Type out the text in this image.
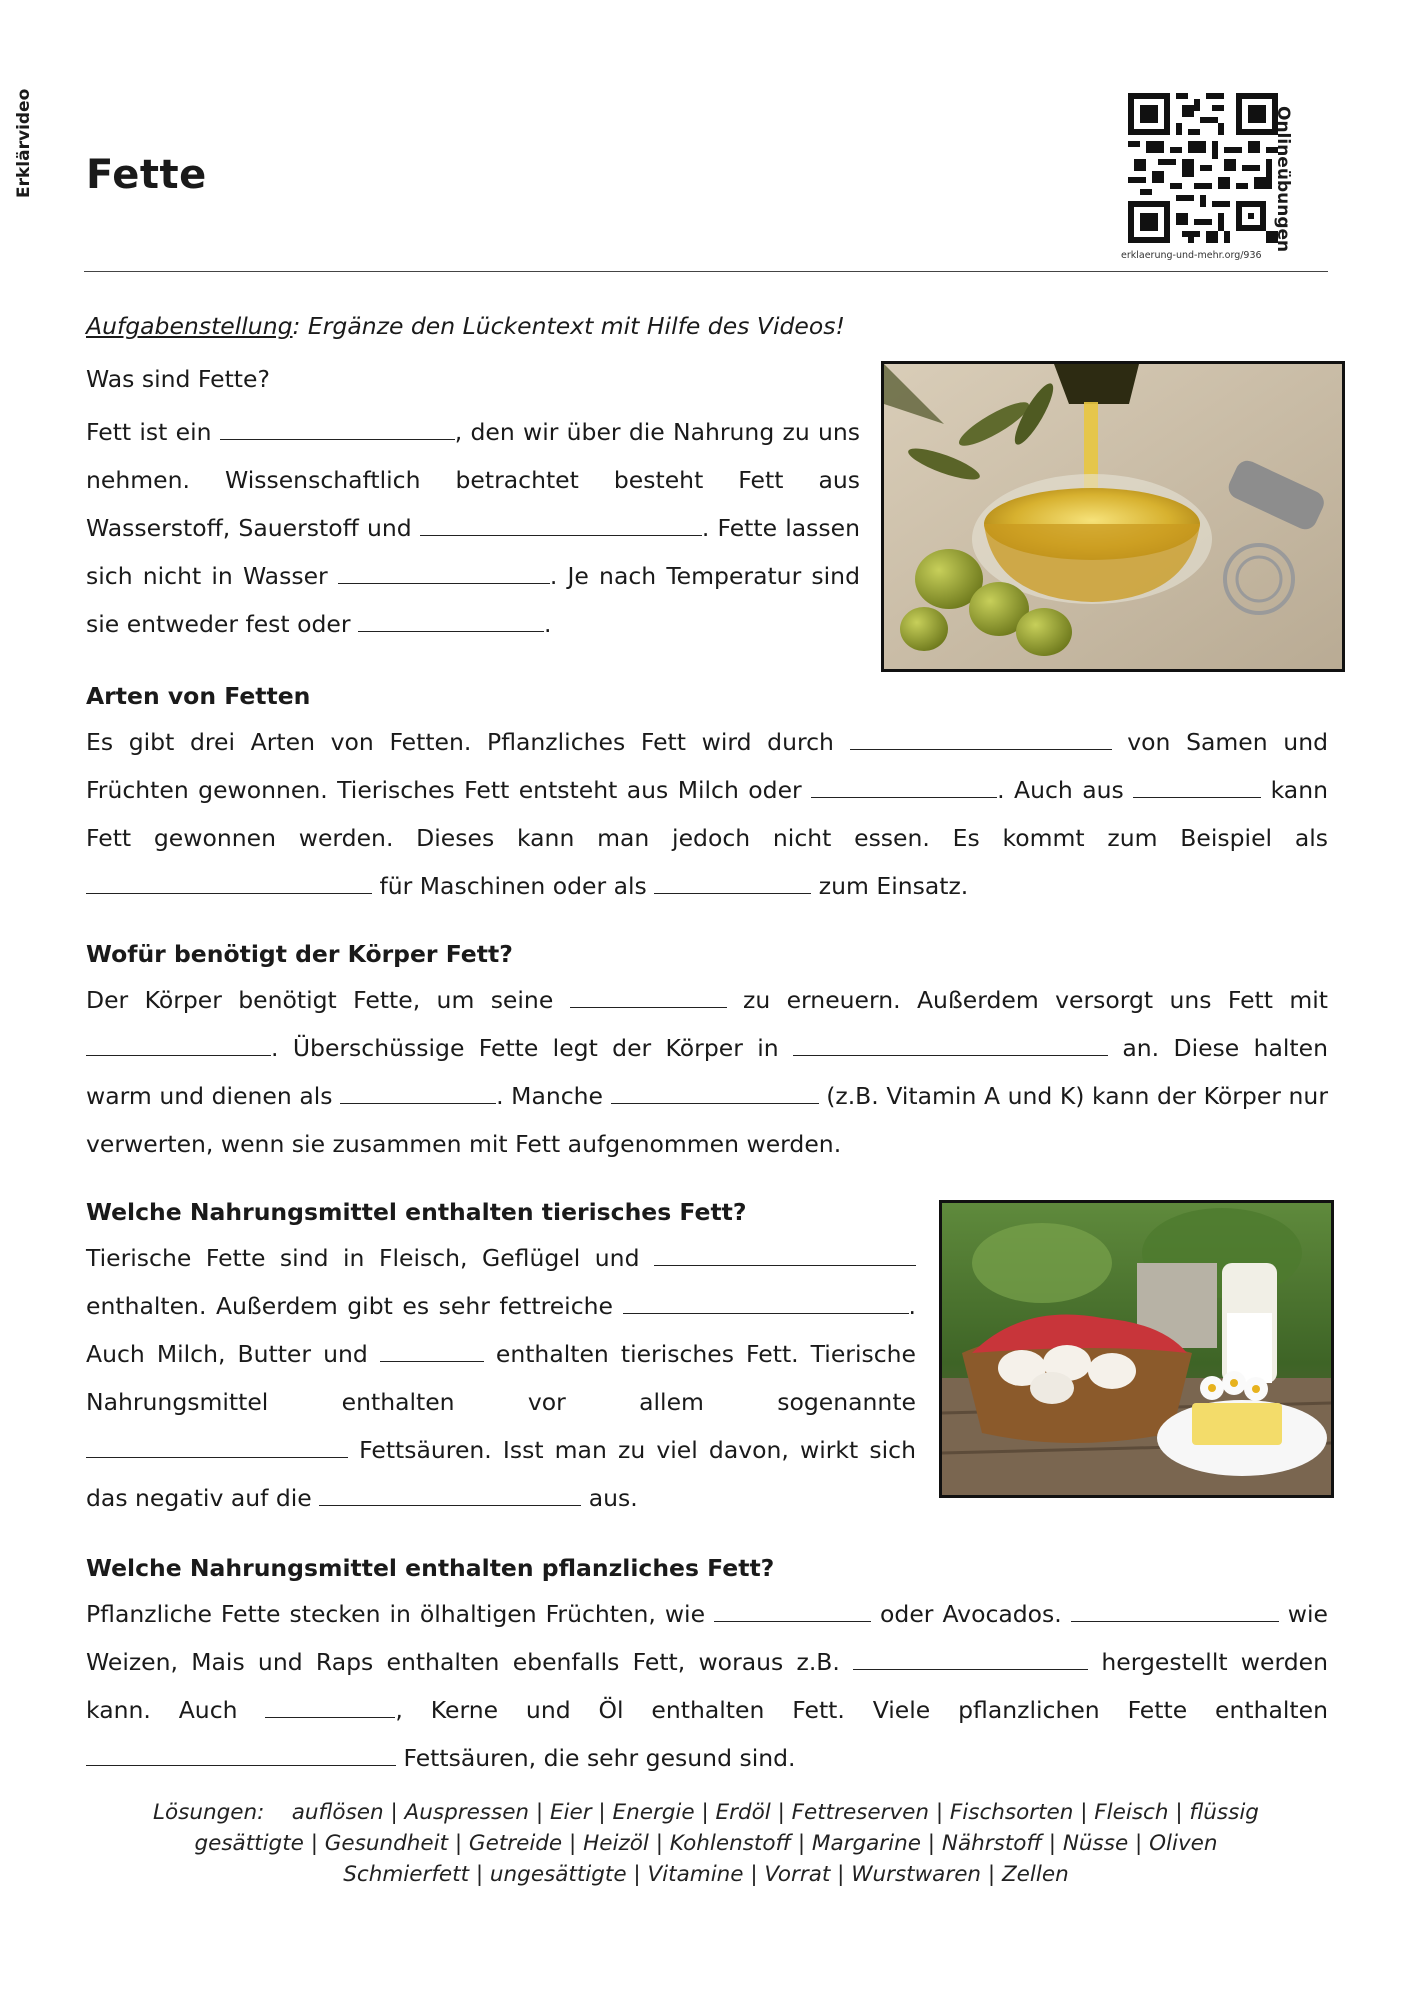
Fette
erklaerung-und-mehr.org/936
Erklärvideo	Onlineübungen
Aufgabenstellung: Ergänze den Lückentext mit Hilfe des Videos!
Was sind Fette?

Fett ist ein	, den wir über die Nahrung zu uns nehmen. Wissenschaftlich betrachtet besteht Fett aus Wasserstoff, Sauerstoff und	. Fette lassen sich nicht in Wasser	. Je nach Temperatur sind sie entweder fest oder	.

Arten von Fetten

Es gibt drei Arten von Fetten. Pflanzliches Fett wird durch	von Samen und Früchten gewonnen. Tierisches Fett entsteht aus Milch oder	. Auch aus	kann Fett gewonnen werden. Dieses kann man jedoch nicht essen. Es kommt zum Beispiel als  für Maschinen oder als	zum Einsatz.

Wofür benötigt der Körper Fett?

Der Körper benötigt Fette, um seine	zu erneuern. Außerdem versorgt uns Fett mit . Überschüssige Fette legt der Körper in	an. Diese halten warm und dienen als	. Manche	(z.B. Vitamin A und K) kann der Körper nur verwerten, wenn sie zusammen mit Fett aufgenommen werden.

Welche Nahrungsmittel enthalten tierisches Fett?

Tierische Fette sind in Fleisch, Geflügel und  enthalten. Außerdem gibt es sehr fettreiche	. Auch Milch, Butter und	enthalten tierisches Fett. Tierische Nahrungsmittel enthalten vor allem sogenannte  Fettsäuren. Isst man zu viel davon, wirkt sich das negativ auf die	aus.

Welche Nahrungsmittel enthalten pflanzliches Fett?

Pflanzliche Fette stecken in ölhaltigen Früchten, wie	oder Avocados.	wie Weizen, Mais und Raps enthalten ebenfalls Fett, woraus z.B.	hergestellt werden kann. Auch	, Kerne und Öl enthalten Fett. Viele pflanzlichen Fette enthalten  Fettsäuren, die sehr gesund sind.

Lösungen: auflösen | Auspressen | Eier | Energie | Erdöl | Fettreserven | Fischsorten | Fleisch | flüssig
gesättigte | Gesundheit | Getreide | Heizöl | Kohlenstoff | Margarine | Nährstoff | Nüsse | Oliven
Schmierfett | ungesättigte | Vitamine | Vorrat | Wurstwaren | Zellen
